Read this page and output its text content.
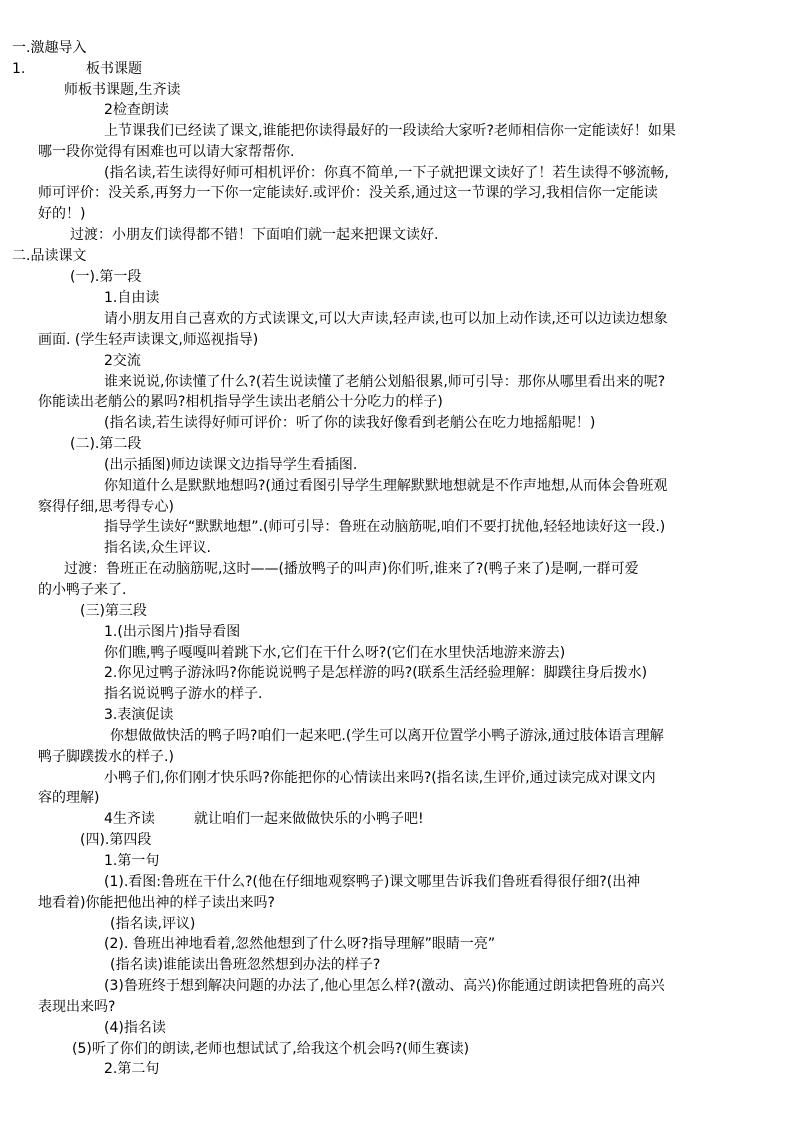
一.激趣导入
1.	板书课题
师板书课题,生齐读
2检查朗读
上节课我们已经读了课文,谁能把你读得最好的一段读给大家听?老师相信你一定能读好！如果
哪一段你觉得有困难也可以请大家帮帮你.
(指名读,若生读得好师可相机评价：你真不简单,一下子就把课文读好了！若生读得不够流畅,
师可评价：没关系,再努力一下你一定能读好.或评价：没关系,通过这一节课的学习,我相信你一定能读
好的！)
过渡：小朋友们读得都不错！下面咱们就一起来把课文读好.
二.品读课文
(一).第一段
1.自由读
请小朋友用自己喜欢的方式读课文,可以大声读,轻声读,也可以加上动作读,还可以边读边想象
画面. (学生轻声读课文,师巡视指导)
2交流
谁来说说,你读懂了什么?(若生说读懂了老艄公划船很累,师可引导：那你从哪里看出来的呢?
你能读出老艄公的累吗?相机指导学生读出老艄公十分吃力的样子)
(指名读,若生读得好师可评价：听了你的读我好像看到老艄公在吃力地摇船呢！)
(二).第二段
(出示插图)师边读课文边指导学生看插图.
你知道什么是默默地想吗?(通过看图引导学生理解默默地想就是不作声地想,从而体会鲁班观
察得仔细,思考得专心)
指导学生读好“默默地想”.(师可引导：鲁班在动脑筋呢,咱们不要打扰他,轻轻地读好这一段.)
指名读,众生评议.
过渡：鲁班正在动脑筋呢,这时——(播放鸭子的叫声)你们听,谁来了?(鸭子来了)是啊,一群可爱
的小鸭子来了.
(三)第三段
1.(出示图片)指导看图
你们瞧,鸭子嘎嘎叫着跳下水,它们在干什么呀?(它们在水里快活地游来游去)
2.你见过鸭子游泳吗?你能说说鸭子是怎样游的吗?(联系生活经验理解：脚蹼往身后拨水)
指名说说鸭子游水的样子.
3.表演促读
你想做做快活的鸭子吗?咱们一起来吧.(学生可以离开位置学小鸭子游泳,通过肢体语言理解
鸭子脚蹼拨水的样子.)
小鸭子们,你们刚才快乐吗?你能把你的心情读出来吗?(指名读,生评价,通过读完成对课文内
容的理解)
4生齐读	就让咱们一起来做做快乐的小鸭子吧!
(四).第四段
1.第一句
(1).看图:鲁班在干什么?(他在仔细地观察鸭子)课文哪里告诉我们鲁班看得很仔细?(出神
地看着)你能把他出神的样子读出来吗?
(指名读,评议)
(2). 鲁班出神地看着,忽然他想到了什么呀?指导理解”眼睛一亮”
(指名读)谁能读出鲁班忽然想到办法的样子?
(3)鲁班终于想到解决问题的办法了,他心里怎么样?(激动、高兴)你能通过朗读把鲁班的高兴
表现出来吗?
(4)指名读
(5)听了你们的朗读,老师也想试试了,给我这个机会吗?(师生赛读)
2.第二句
